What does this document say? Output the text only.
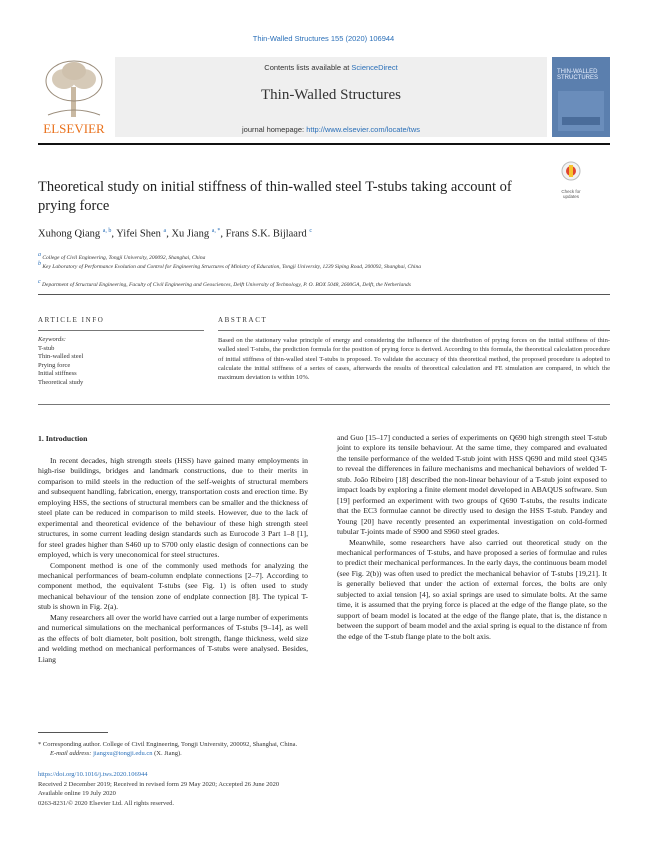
Thin-Walled Structures 155 (2020) 106944
ELSEVIER
Contents lists available at ScienceDirect
Thin-Walled Structures
journal homepage: http://www.elsevier.com/locate/tws
THIN-WALLED STRUCTURES
Theoretical study on initial stiffness of thin-walled steel T-stubs taking account of prying force
Check for updates
Xuhong Qiang $^{a, b}$, Yifei Shen $^a$, Xu Jiang $^{a, *}$, Frans S.K. Bijlaard $^c$
$^a$ College of Civil Engineering, Tongji University, 200092, Shanghai, China
$^b$ Key Laboratory of Performance Evolution and Control for Engineering Structures of Ministry of Education, Tongji University, 1239 Siping Road, 200092, Shanghai, China
$^c$ Department of Structural Engineering, Faculty of Civil Engineering and Geosciences, Delft University of Technology, P. O. BOX 5048, 2600GA, Delft, the Netherlands
ARTICLE INFO	ABSTRACT
Keywords:
T-stub
Thin-walled steel
Prying force
Initial stiffness
Theoretical study
Based on the stationary value principle of energy and considering the influence of the distribution of prying forces on the initial stiffness of thin-walled steel T-stubs, the prediction formula for the position of prying force is derived. According to this formula, the theoretical calculation procedure of initial stiffness of thin-walled steel T-stubs is proposed. To validate the accuracy of this theoretical method, the proposed procedure is adopted to calculate the initial stiffness of a series of cases, afterwards the results of theoretical calculation and FE simulation are compared, in which the maximum deviation is within 10%.
1. Introduction

In recent decades, high strength steels (HSS) have gained many employments in high-rise buildings, bridges and landmark constructions, due to their merits in comparison to mild steels in the reduction of the self-weights of structural members and subsequent handling, fabrication, energy, transportation costs and erection time. By employing HSS, the sections of structural members can be smaller and the thickness of steel plate can be reduced in comparison to mild steels. However, due to the lack of experimental and theoretical evidence of the behaviour of these high strength steel structures, in some current leading design standards such as Eurocode 3 Part 1–8 [1], for steel grades higher than S460 up to S700 only elastic design of connections can be employed, which is very uneconomical for steel structures.

Component method is one of the commonly used methods for analyzing the mechanical performances of beam-column endplate connections [2–7]. According to component method, the equivalent T-stubs (see Fig. 1) is often used to study mechanical behaviour of the tension zone of endplate connection [8]. The typical T-stub is shown in Fig. 2(a).

Many researchers all over the world have carried out a large number of experiments and numerical simulations on the mechanical performances of T-stubs [9–14], as well as the effects of bolt diameter, bolt position, bolt strength, flange thickness, weld size and welding method on mechanical performances of T-stubs were analysed. Besides, Liang

and Guo [15–17] conducted a series of experiments on Q690 high strength steel T-stub joint to explore its tensile behaviour. At the same time, they compared and evaluated the tensile performance of the welded T-stub joint with HSS Q690 and mild steel Q345 to reveal the differences in failure mechanisms and mechanical behaviors of welded T-stub. João Ribeiro [18] described the non-linear behaviour of a T-stub joint exposed to impact loads by exploring a finite element model developed in ABAQUS software. Sun [19] performed an experiment with two groups of Q690 T-stubs, the results indicate that the EC3 formulae cannot be directly used to design the HSS T-stub. Pandey and Young [20] have recently presented an experimental investigation on cold-formed tubular T-joints made of S900 and S960 steel grades.

Meanwhile, some researchers have also carried out theoretical study on the mechanical performances of T-stubs, and have proposed a series of formulae and rules to predict their mechanical performances. In the early days, the continuous beam model (see Fig. 2(b)) was often used to predict the mechanical behavior of T-stubs [19,21]. It is generally believed that under the action of external forces, the bolts are only subjected to axial tension [4], so axial springs are used to simulate bolts. At the same time, it is assumed that the prying force is placed at the edge of the flange plate, so the support of beam model is located at the edge of the flange plate, that is, the distance n between the support of beam model and the axial spring is equal to the distance nf from the edge of the T-stub flange plate to the bolt axis.

* Corresponding author. College of Civil Engineering, Tongji University, 200092, Shanghai, China.
E-mail address: jiangxu@tongji.edu.cn (X. Jiang).
https://doi.org/10.1016/j.tws.2020.106944
Received 2 December 2019; Received in revised form 29 May 2020; Accepted 26 June 2020
Available online 19 July 2020
0263-8231/© 2020 Elsevier Ltd. All rights reserved.
